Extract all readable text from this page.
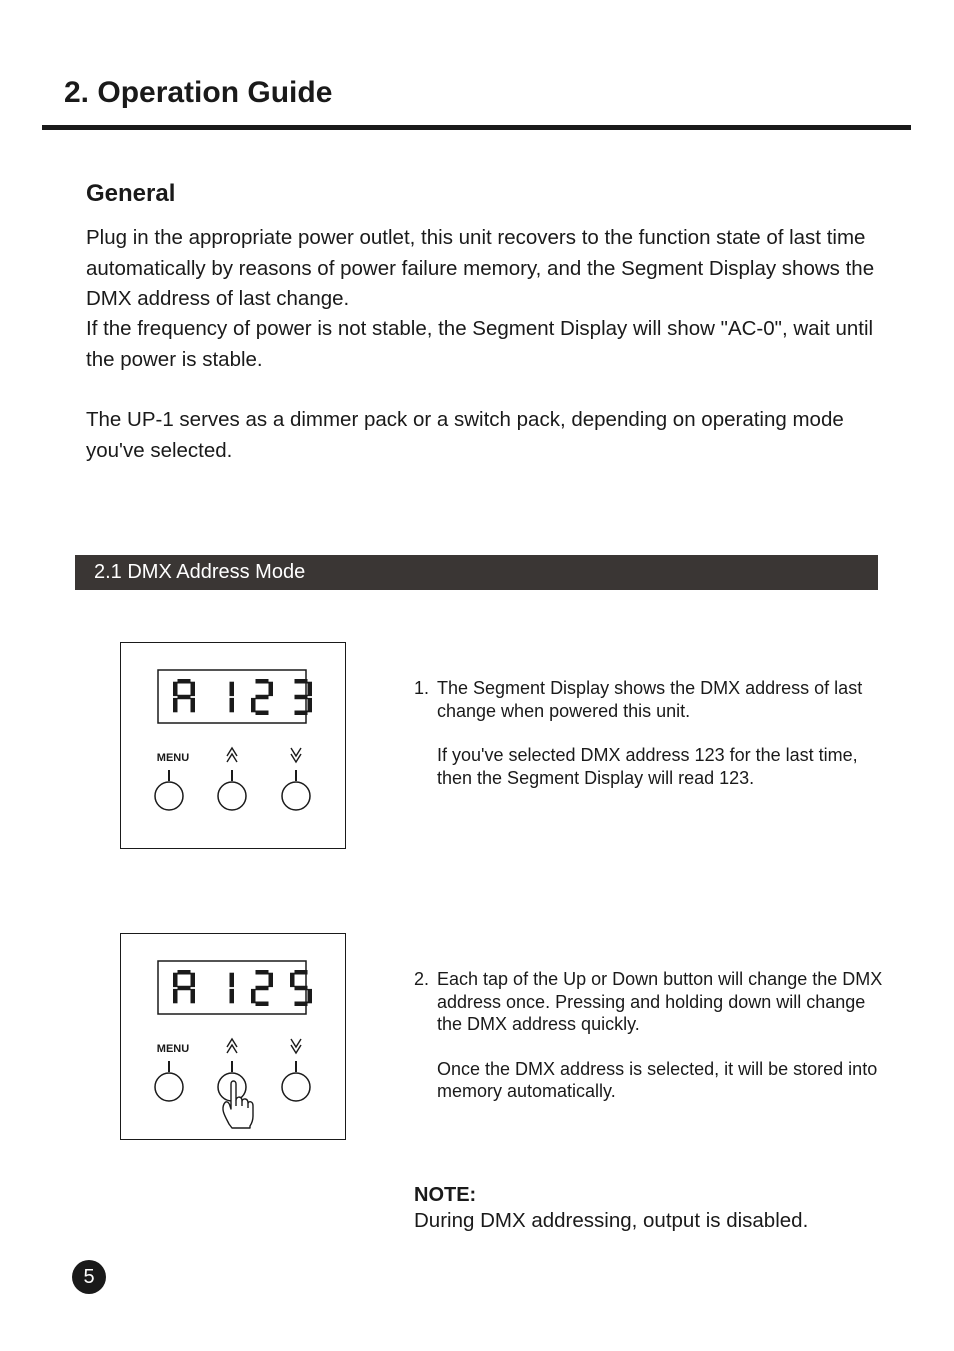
2. Operation Guide
General

Plug in the appropriate power outlet, this unit recovers to the function state of last time automatically by reasons of power failure memory, and the Segment Display shows the DMX address of last change.

If the frequency of power is not stable, the Segment Display will show "AC-0", wait until the power is stable.

The UP-1 serves as a dimmer pack or a switch pack, depending on operating mode you've selected.

2.1 DMX Address Mode
MENU
MENU
1. The Segment Display shows the DMX address of last change when powered this unit.
If you've selected DMX address 123 for the last time, then the Segment Display will read 123.
2. Each tap of the Up or Down button will change the DMX address once. Pressing and holding down will change the DMX address quickly.
Once the DMX address is selected, it will be stored into memory automatically.

NOTE:

During DMX addressing, output is disabled.

5
